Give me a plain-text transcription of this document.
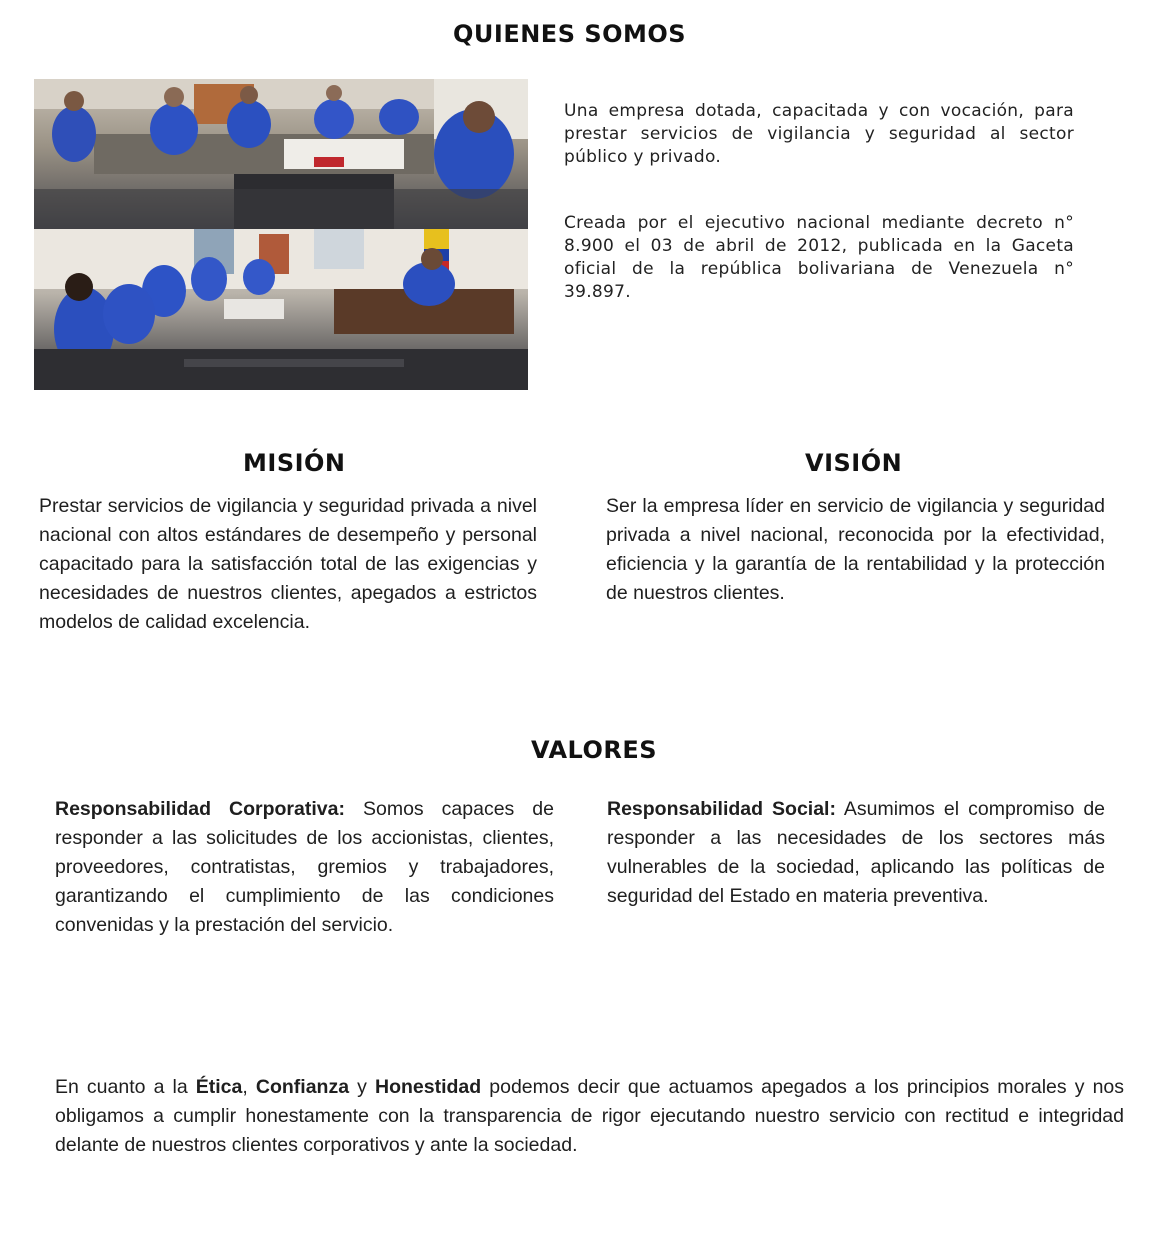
QUIENES SOMOS

Una empresa dotada, capacitada y con vocación, para prestar servicios de vigilancia y seguridad al sector público y privado.

Creada por el ejecutivo nacional mediante decreto n° 8.900 el 03 de abril de 2012, publicada en la Gaceta oficial de la república bolivariana de Venezuela n° 39.897.

MISIÓN

Prestar servicios de vigilancia y seguridad privada a nivel nacional con altos estándares de desempeño y personal capacitado para la satisfacción total de las exigencias y necesidades de nuestros clientes, apegados a estrictos modelos de calidad excelencia.

VISIÓN

Ser la empresa líder en servicio de vigilancia y seguridad privada a nivel nacional, reconocida por la efectividad, eficiencia y la garantía de la rentabilidad y la protección de nuestros clientes.

VALORES

Responsabilidad Corporativa: Somos capaces de responder a las solicitudes de los accionistas, clientes, proveedores, contratistas, gremios y trabajadores, garantizando el cumplimiento de las condiciones convenidas y la prestación del servicio.

Responsabilidad Social: Asumimos el compromiso de responder a las necesidades de los sectores más vulnerables de la sociedad, aplicando las políticas de seguridad del Estado en materia preventiva.

En cuanto a la Ética, Confianza y Honestidad podemos decir que actuamos apegados a los principios morales y nos obligamos a cumplir honestamente con la transparencia de rigor ejecutando nuestro servicio con rectitud e integridad delante de nuestros clientes corporativos y ante la sociedad.
